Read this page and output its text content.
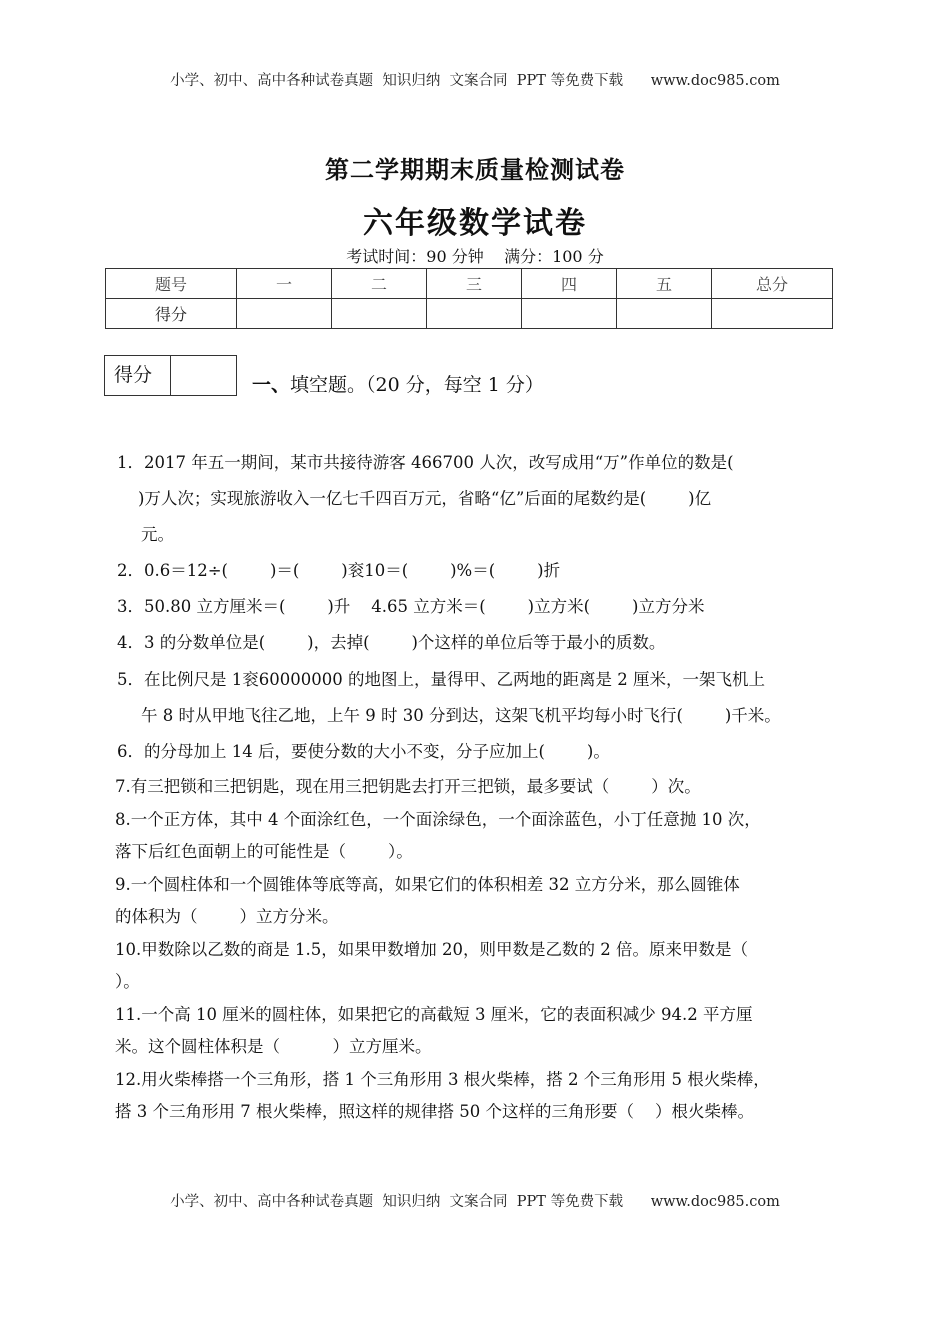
小学、初中、高中各种试卷真题  知识归纳  文案合同  PPT 等免费下载      www.doc985.com
第二学期期末质量检测试卷
六年级数学试卷
考试时间：90 分钟    满分：100 分
题号	一	二	三	四	五	总分
得分						
得分	一、填空题。（20 分，每空 1 分）
1．2017 年五一期间，某市共接待游客 466700 人次，改写成用“万”作单位的数是(
)万人次；实现旅游收入一亿七千四百万元，省略“亿”后面的尾数约是(        )亿
元。
2．0.6＝12÷(        )＝(        )衮10＝(        )%＝(        )折
3．50.80 立方厘米＝(        )升    4.65 立方米＝(        )立方米(        )立方分米
4．3 的分数单位是(        )，去掉(        )个这样的单位后等于最小的质数。
5．在比例尺是 1衮60000000 的地图上，量得甲、乙两地的距离是 2 厘米，一架飞机上
午 8 时从甲地飞往乙地，上午 9 时 30 分到达，这架飞机平均每小时飞行(        )千米。
6．的分母加上 14 后，要使分数的大小不变，分子应加上(        )。
7.有三把锁和三把钥匙，现在用三把钥匙去打开三把锁，最多要试（        ）次。
8.一个正方体，其中 4 个面涂红色，一个面涂绿色，一个面涂蓝色，小丁任意抛 10 次，
落下后红色面朝上的可能性是（        ）。
9.一个圆柱体和一个圆锥体等底等高，如果它们的体积相差 32 立方分米，那么圆锥体
的体积为（        ）立方分米。
10.甲数除以乙数的商是 1.5，如果甲数增加 20，则甲数是乙数的 2 倍。原来甲数是（
）。
11.一个高 10 厘米的圆柱体，如果把它的高截短 3 厘米，它的表面积减少 94.2 平方厘
米。这个圆柱体积是（          ）立方厘米。
12.用火柴棒搭一个三角形，搭 1 个三角形用 3 根火柴棒，搭 2 个三角形用 5 根火柴棒，
搭 3 个三角形用 7 根火柴棒，照这样的规律搭 50 个这样的三角形要（    ）根火柴棒。
小学、初中、高中各种试卷真题  知识归纳  文案合同  PPT 等免费下载      www.doc985.com
